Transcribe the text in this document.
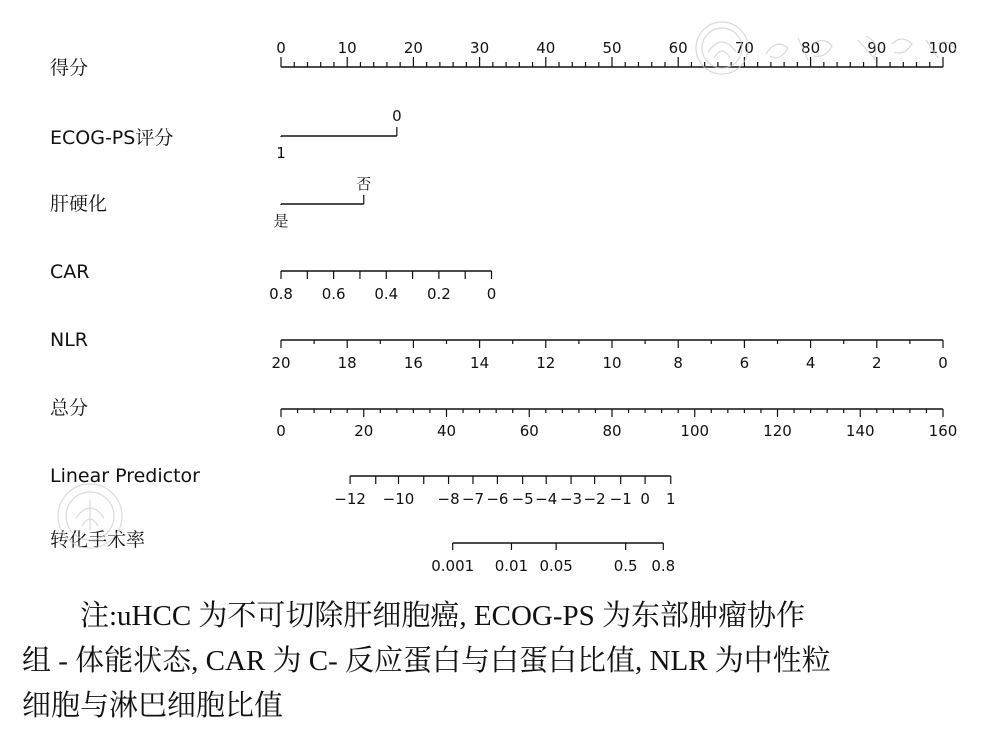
得分
ECOG-PS评分
肝硬化
CAR
NLR
总分
Linear Predictor
转化手术率
0	10	20	30	40	50	60	70	80	90	100
1
0
是
否
0.8 0.6 0.4 0.2 0
20	18	16	14	12	10	8	6	4	2	0
0	20	40	60	80	100	120	140	160
−12 −10 −8 −7 −6 −5 −4 −3 −2 −1 0 1
0.001 0.01 0.05	0.5 0.8
注:uHCC 为不可切除肝细胞癌, ECOG-PS 为东部肿瘤协作
组 - 体能状态, CAR 为 C- 反应蛋白与白蛋白比值, NLR 为中性粒
细胞与淋巴细胞比值
